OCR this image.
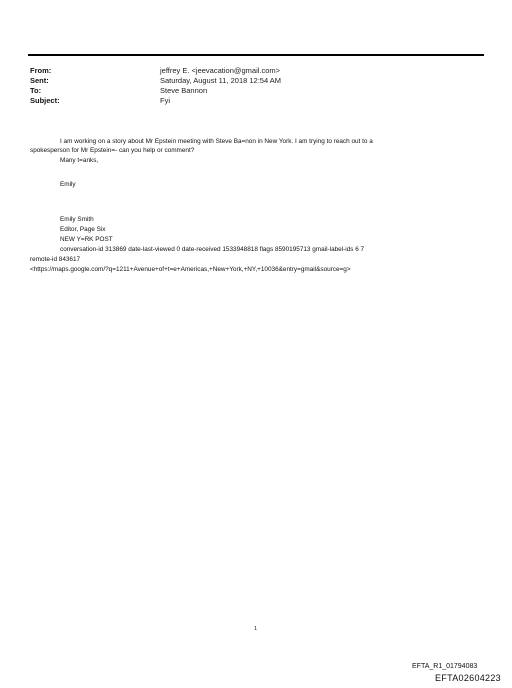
From:	jeffrey E. <jeevacation@gmail.com>
Sent:	Saturday, August 11, 2018 12:54 AM
To:	Steve Bannon
Subject:	Fyi
I am working on a story about Mr Epstein meeting with Steve Ba=non in New York. I am trying to reach out to a
spokesperson for Mr Epstein=- can you help or comment?
Many t=anks,
Emily
Emily Smith
Editor, Page Six
NEW Y=RK POST
conversation-id 313869 date-last-viewed 0 date-received 1533948818 flags 8590195713 gmail-label-ids 6 7
remote-id 843617
<https://maps.google.com/?q=1211+Avenue+of+t=e+Americas,+New+York,+NY,+10036&entry=gmail&source=g>
1
EFTA_R1_01794083
EFTA02604223
